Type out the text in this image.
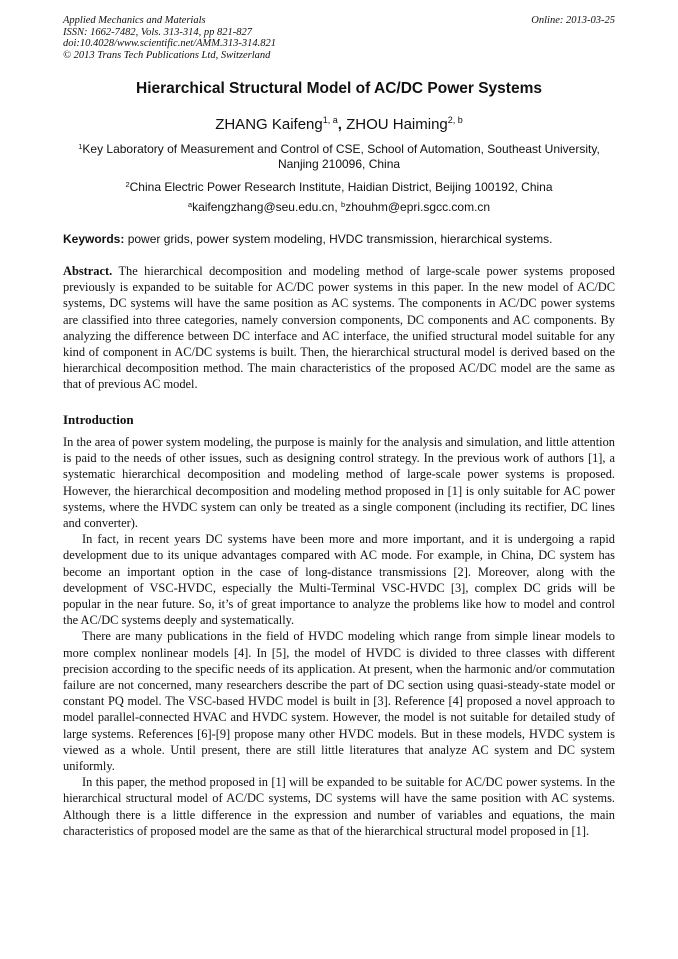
Applied Mechanics and Materials
ISSN: 1662-7482, Vols. 313-314, pp 821-827
doi:10.4028/www.scientific.net/AMM.313-314.821
© 2013 Trans Tech Publications Ltd, Switzerland
Online: 2013-03-25
Hierarchical Structural Model of AC/DC Power Systems
ZHANG Kaifeng$^{1, a}$, ZHOU Haiming$^{2, b}$
$^1$Key Laboratory of Measurement and Control of CSE, School of Automation, Southeast University, Nanjing 210096, China
$^2$China Electric Power Research Institute, Haidian District, Beijing 100192, China
$^a$kaifengzhang@seu.edu.cn, $^b$zhouhm@epri.sgcc.com.cn
Keywords: power grids, power system modeling, HVDC transmission, hierarchical systems.
Abstract. The hierarchical decomposition and modeling method of large-scale power systems proposed previously is expanded to be suitable for AC/DC power systems in this paper. In the new model of AC/DC systems, DC systems will have the same position as AC systems. The components in AC/DC power systems are classified into three categories, namely conversion components, DC components and AC components. By analyzing the difference between DC interface and AC interface, the unified structural model suitable for any kind of component in AC/DC systems is built. Then, the hierarchical structural model is derived based on the hierarchical decomposition method. The main characteristics of the proposed AC/DC model are the same as that of previous AC model.
Introduction

In the area of power system modeling, the purpose is mainly for the analysis and simulation, and little attention is paid to the needs of other issues, such as designing control strategy. In the previous work of authors [1], a systematic hierarchical decomposition and modeling method of large-scale power systems is proposed. However, the hierarchical decomposition and modeling method proposed in [1] is only suitable for AC power systems, where the HVDC system can only be treated as a single component (including its rectifier, DC lines and converter).

In fact, in recent years DC systems have been more and more important, and it is undergoing a rapid development due to its unique advantages compared with AC mode. For example, in China, DC system has become an important option in the case of long-distance transmissions [2]. Moreover, along with the development of VSC-HVDC, especially the Multi-Terminal VSC-HVDC [3], complex DC grids will be popular in the near future. So, it’s of great importance to analyze the problems like how to model and control the AC/DC systems deeply and systematically.

There are many publications in the field of HVDC modeling which range from simple linear models to more complex nonlinear models [4]. In [5], the model of HVDC is divided to three classes with different precision according to the specific needs of its application. At present, when the harmonic and/or commutation failure are not concerned, many researchers describe the part of DC section using quasi-steady-state model or constant PQ model. The VSC-based HVDC model is built in [3]. Reference [4] proposed a novel approach to model parallel-connected HVAC and HVDC system. However, the model is not suitable for detailed study of large systems. References [6]-[9] propose many other HVDC models. But in these models, HVDC system is viewed as a whole. Until present, there are still little literatures that analyze AC system and DC system uniformly.

In this paper, the method proposed in [1] will be expanded to be suitable for AC/DC power systems. In the hierarchical structural model of AC/DC systems, DC systems will have the same position with AC systems. Although there is a little difference in the expression and number of variables and equations, the main characteristics of proposed model are the same as that of the hierarchical structural model proposed in [1].
